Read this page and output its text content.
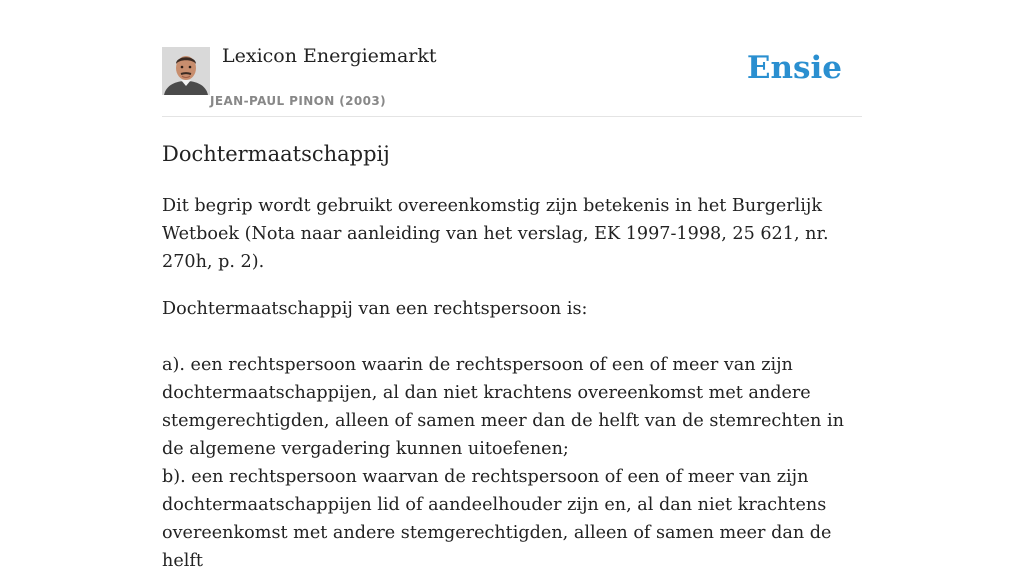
Lexicon Energiemarkt
JEAN-PAUL PINON (2003)
Ensie
Dochtermaatschappij

Dit begrip wordt gebruikt overeenkomstig zijn betekenis in het Burgerlijk Wetboek (Nota naar aanleiding van het verslag, EK 1997-1998, 25 621, nr. 270h, p. 2).

Dochtermaatschappij van een rechtspersoon is:

a). een rechtspersoon waarin de rechtspersoon of een of meer van zijn dochtermaatschappijen, al dan niet krachtens overeenkomst met andere stemgerechtigden, alleen of samen meer dan de helft van de stemrechten in de algemene vergadering kunnen uitoefenen;

b). een rechtspersoon waarvan de rechtspersoon of een of meer van zijn dochtermaatschappijen lid of aandeelhouder zijn en, al dan niet krachtens overeenkomst met andere stemgerechtigden, alleen of samen meer dan de helft
